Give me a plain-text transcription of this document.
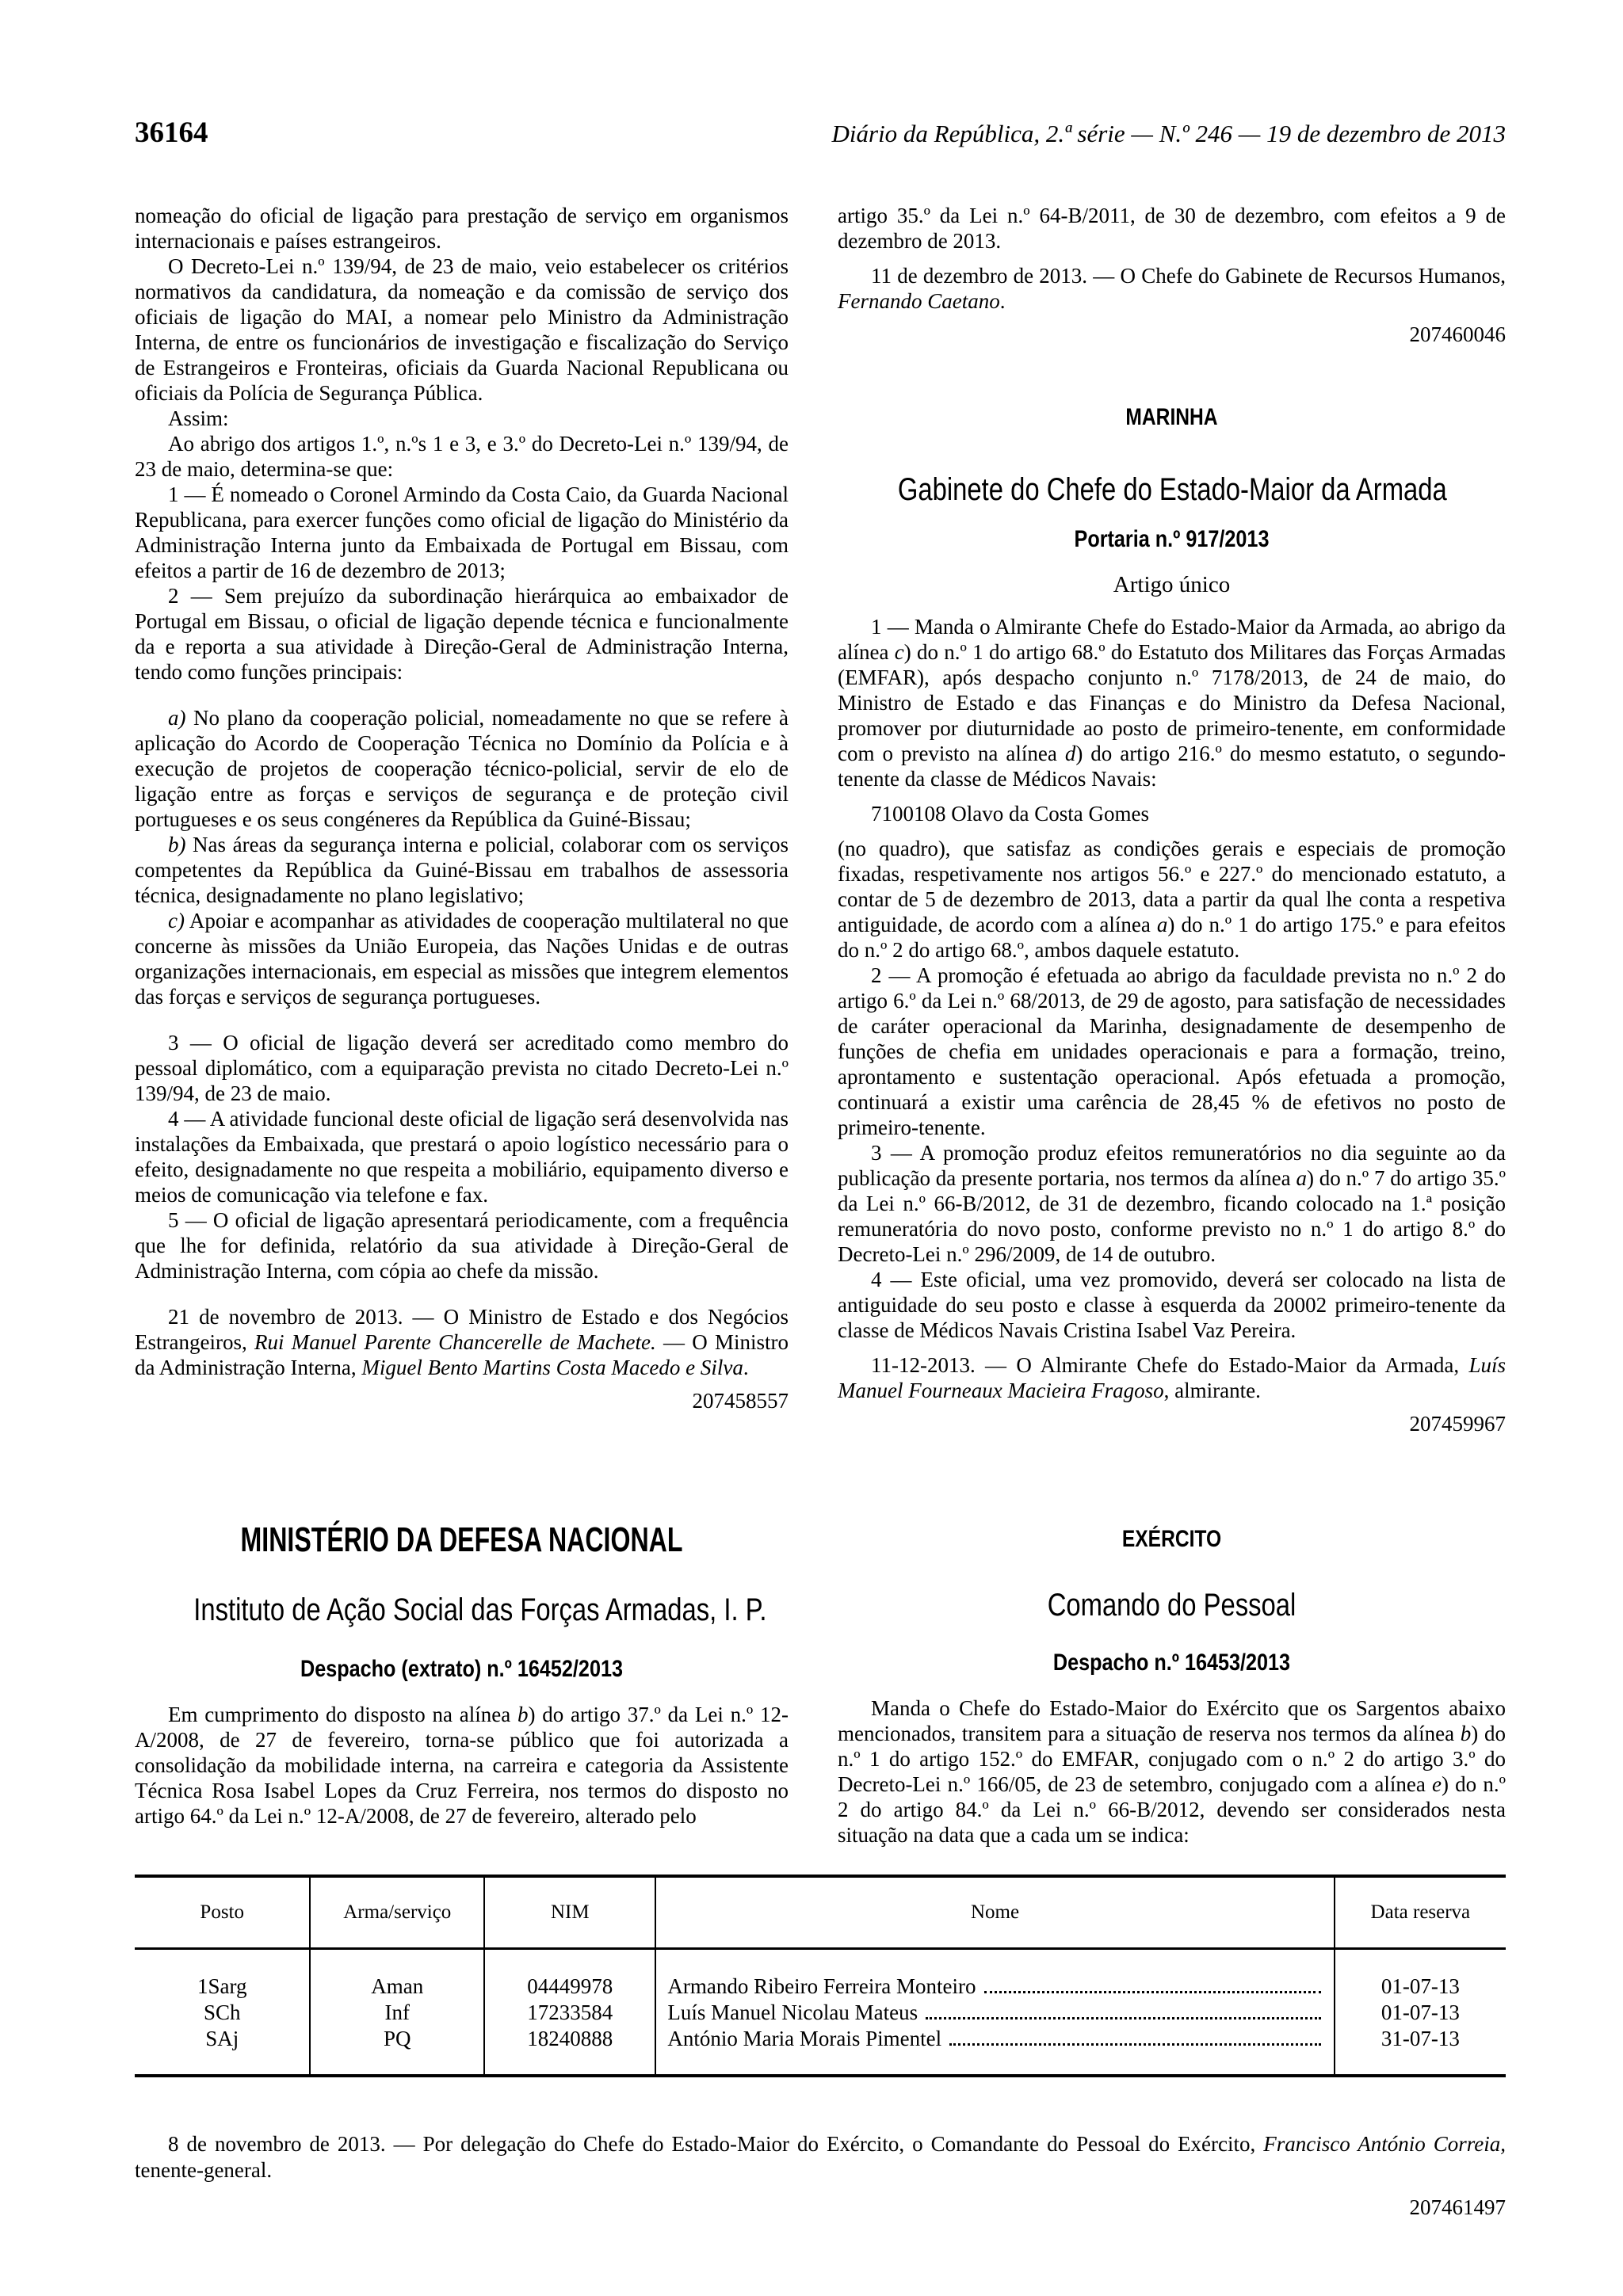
36164	Diário da República, 2.ª série — N.º 246 — 19 de dezembro de 2013

nomeação do oficial de ligação para prestação de serviço em organismos internacionais e países estrangeiros.

O Decreto-Lei n.º 139/94, de 23 de maio, veio estabelecer os critérios normativos da candidatura, da nomeação e da comissão de serviço dos oficiais de ligação do MAI, a nomear pelo Ministro da Administração Interna, de entre os funcionários de investigação e fiscalização do Serviço de Estrangeiros e Fronteiras, oficiais da Guarda Nacional Republicana ou oficiais da Polícia de Segurança Pública.

Assim:

Ao abrigo dos artigos 1.º, n.ºs 1 e 3, e 3.º do Decreto-Lei n.º 139/94, de 23 de maio, determina-se que:

1 — É nomeado o Coronel Armindo da Costa Caio, da Guarda Nacional Republicana, para exercer funções como oficial de ligação do Ministério da Administração Interna junto da Embaixada de Portugal em Bissau, com efeitos a partir de 16 de dezembro de 2013;

2 — Sem prejuízo da subordinação hierárquica ao embaixador de Portugal em Bissau, o oficial de ligação depende técnica e funcionalmente da e reporta a sua atividade à Direção-Geral de Administração Interna, tendo como funções principais:

a) No plano da cooperação policial, nomeadamente no que se refere à aplicação do Acordo de Cooperação Técnica no Domínio da Polícia e à execução de projetos de cooperação técnico-policial, servir de elo de ligação entre as forças e serviços de segurança e de proteção civil portugueses e os seus congéneres da República da Guiné-Bissau;

b) Nas áreas da segurança interna e policial, colaborar com os serviços competentes da República da Guiné-Bissau em trabalhos de assessoria técnica, designadamente no plano legislativo;

c) Apoiar e acompanhar as atividades de cooperação multilateral no que concerne às missões da União Europeia, das Nações Unidas e de outras organizações internacionais, em especial as missões que integrem elementos das forças e serviços de segurança portugueses.

3 — O oficial de ligação deverá ser acreditado como membro do pessoal diplomático, com a equiparação prevista no citado Decreto-Lei n.º 139/94, de 23 de maio.

4 — A atividade funcional deste oficial de ligação será desenvolvida nas instalações da Embaixada, que prestará o apoio logístico necessário para o efeito, designadamente no que respeita a mobiliário, equipamento diverso e meios de comunicação via telefone e fax.

5 — O oficial de ligação apresentará periodicamente, com a frequência que lhe for definida, relatório da sua atividade à Direção-Geral de Administração Interna, com cópia ao chefe da missão.

21 de novembro de 2013. — O Ministro de Estado e dos Negócios Estrangeiros, Rui Manuel Parente Chancerelle de Machete. — O Ministro da Administração Interna, Miguel Bento Martins Costa Macedo e Silva.

207458557

MINISTÉRIO DA DEFESA NACIONAL

Instituto de Ação Social das Forças Armadas, I. P.

Despacho (extrato) n.º 16452/2013

Em cumprimento do disposto na alínea b) do artigo 37.º da Lei n.º 12-A/2008, de 27 de fevereiro, torna-se público que foi autorizada a consolidação da mobilidade interna, na carreira e categoria da Assistente Técnica Rosa Isabel Lopes da Cruz Ferreira, nos termos do disposto no artigo 64.º da Lei n.º 12-A/2008, de 27 de fevereiro, alterado pelo

artigo 35.º da Lei n.º 64-B/2011, de 30 de dezembro, com efeitos a 9 de dezembro de 2013.

11 de dezembro de 2013. — O Chefe do Gabinete de Recursos Humanos, Fernando Caetano.

207460046

MARINHA

Gabinete do Chefe do Estado-Maior da Armada

Portaria n.º 917/2013

Artigo único

1 — Manda o Almirante Chefe do Estado-Maior da Armada, ao abrigo da alínea c) do n.º 1 do artigo 68.º do Estatuto dos Militares das Forças Armadas (EMFAR), após despacho conjunto n.º 7178/2013, de 24 de maio, do Ministro de Estado e das Finanças e do Ministro da Defesa Nacional, promover por diuturnidade ao posto de primeiro-tenente, em conformidade com o previsto na alínea d) do artigo 216.º do mesmo estatuto, o segundo-tenente da classe de Médicos Navais:

7100108 Olavo da Costa Gomes

(no quadro), que satisfaz as condições gerais e especiais de promoção fixadas, respetivamente nos artigos 56.º e 227.º do mencionado estatuto, a contar de 5 de dezembro de 2013, data a partir da qual lhe conta a respetiva antiguidade, de acordo com a alínea a) do n.º 1 do artigo 175.º e para efeitos do n.º 2 do artigo 68.º, ambos daquele estatuto.

2 — A promoção é efetuada ao abrigo da faculdade prevista no n.º 2 do artigo 6.º da Lei n.º 68/2013, de 29 de agosto, para satisfação de necessidades de caráter operacional da Marinha, designadamente de desempenho de funções de chefia em unidades operacionais e para a formação, treino, aprontamento e sustentação operacional. Após efetuada a promoção, continuará a existir uma carência de 28,45 % de efetivos no posto de primeiro-tenente.

3 — A promoção produz efeitos remuneratórios no dia seguinte ao da publicação da presente portaria, nos termos da alínea a) do n.º 7 do artigo 35.º da Lei n.º 66-B/2012, de 31 de dezembro, ficando colocado na 1.ª posição remuneratória do novo posto, conforme previsto no n.º 1 do artigo 8.º do Decreto-Lei n.º 296/2009, de 14 de outubro.

4 — Este oficial, uma vez promovido, deverá ser colocado na lista de antiguidade do seu posto e classe à esquerda da 20002 primeiro-tenente da classe de Médicos Navais Cristina Isabel Vaz Pereira.

11-12-2013. — O Almirante Chefe do Estado-Maior da Armada, Luís Manuel Fourneaux Macieira Fragoso, almirante.

207459967

EXÉRCITO

Comando do Pessoal

Despacho n.º 16453/2013

Manda o Chefe do Estado-Maior do Exército que os Sargentos abaixo mencionados, transitem para a situação de reserva nos termos da alínea b) do n.º 1 do artigo 152.º do EMFAR, conjugado com o n.º 2 do artigo 3.º do Decreto-Lei n.º 166/05, de 23 de setembro, conjugado com a alínea e) do n.º 2 do artigo 84.º da Lei n.º 66-B/2012, devendo ser considerados nesta situação na data que a cada um se indica:

Posto	Arma/serviço	NIM	Nome	Data reserva
1Sarg	Aman	04449978	Armando Ribeiro Ferreira Monteiro	01-07-13
SCh	Inf	17233584	Luís Manuel Nicolau Mateus	01-07-13
SAj	PQ	18240888	António Maria Morais Pimentel	31-07-13

8 de novembro de 2013. — Por delegação do Chefe do Estado-Maior do Exército, o Comandante do Pessoal do Exército, Francisco António Correia, tenente-general.

207461497
